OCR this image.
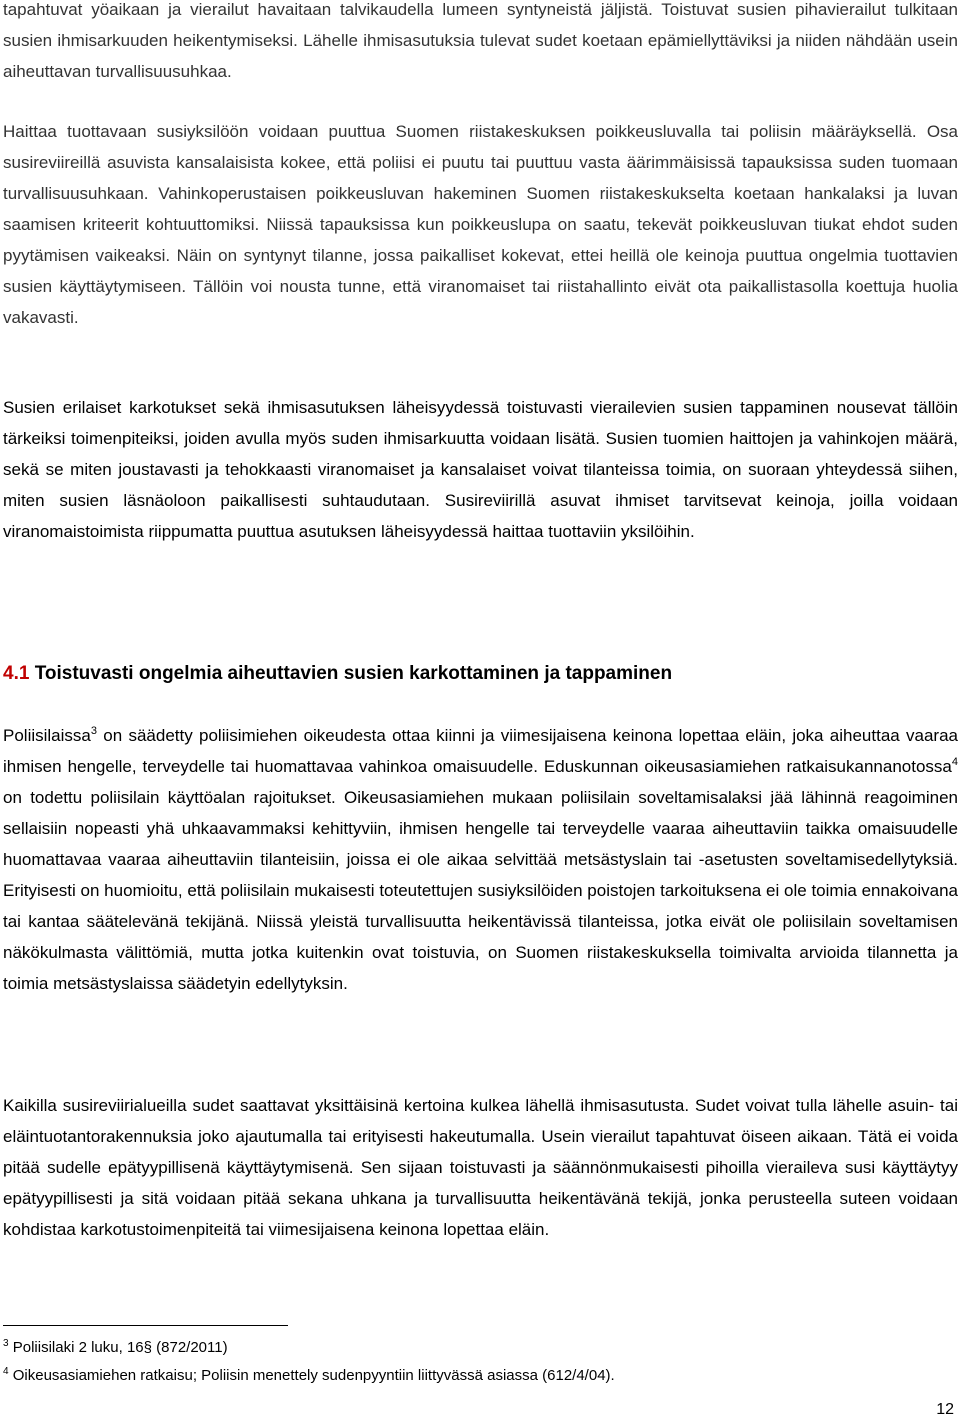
tapahtuvat yöaikaan ja vierailut havaitaan talvikaudella lumeen syntyneistä jäljistä. Toistuvat susien pihavierailut tulkitaan susien ihmisarkuuden heikentymiseksi. Lähelle ihmisasutuksia tulevat sudet koetaan epämiellyttäviksi ja niiden nähdään usein aiheuttavan turvallisuusuhkaa.

Haittaa tuottavaan susiyksilöön voidaan puuttua Suomen riistakeskuksen poikkeusluvalla tai poliisin määräyksellä. Osa susireviireillä asuvista kansalaisista kokee, että poliisi ei puutu tai puuttuu vasta äärimmäisissä tapauksissa suden tuomaan turvallisuusuhkaan. Vahinkoperustaisen poikkeusluvan hakeminen Suomen riistakeskukselta koetaan hankalaksi ja luvan saamisen kriteerit kohtuuttomiksi. Niissä tapauksissa kun poikkeuslupa on saatu, tekevät poikkeusluvan tiukat ehdot suden pyytämisen vaikeaksi. Näin on syntynyt tilanne, jossa paikalliset kokevat, ettei heillä ole keinoja puuttua ongelmia tuottavien susien käyttäytymiseen. Tällöin voi nousta tunne, että viranomaiset tai riistahallinto eivät ota paikallistasolla koettuja huolia vakavasti.

Susien erilaiset karkotukset sekä ihmisasutuksen läheisyydessä toistuvasti vierailevien susien tappaminen nousevat tällöin tärkeiksi toimenpiteiksi, joiden avulla myös suden ihmisarkuutta voidaan lisätä. Susien tuomien haittojen ja vahinkojen määrä, sekä se miten joustavasti ja tehokkaasti viranomaiset ja kansalaiset voivat tilanteissa toimia, on suoraan yhteydessä siihen, miten susien läsnäoloon paikallisesti suhtaudutaan. Susireviirillä asuvat ihmiset tarvitsevat keinoja, joilla voidaan viranomaistoimista riippumatta puuttua asutuksen läheisyydessä haittaa tuottaviin yksilöihin.

4.1 Toistuvasti ongelmia aiheuttavien susien karkottaminen ja tappaminen

Poliisilaissa$^3$ on säädetty poliisimiehen oikeudesta ottaa kiinni ja viimesijaisena keinona lopettaa eläin, joka aiheuttaa vaaraa ihmisen hengelle, terveydelle tai huomattavaa vahinkoa omaisuudelle. Eduskunnan oikeusasiamiehen ratkaisukannanotossa$^4$ on todettu poliisilain käyttöalan rajoitukset. Oikeusasiamiehen mukaan poliisilain soveltamisalaksi jää lähinnä reagoiminen sellaisiin nopeasti yhä uhkaavammaksi kehittyviin, ihmisen hengelle tai terveydelle vaaraa aiheuttaviin taikka omaisuudelle huomattavaa vaaraa aiheuttaviin tilanteisiin, joissa ei ole aikaa selvittää metsästyslain tai -asetusten soveltamisedellytyksiä. Erityisesti on huomioitu, että poliisilain mukaisesti toteutettujen susiyksilöiden poistojen tarkoituksena ei ole toimia ennakoivana tai kantaa säätelevänä tekijänä. Niissä yleistä turvallisuutta heikentävissä tilanteissa, jotka eivät ole poliisilain soveltamisen näkökulmasta välittömiä, mutta jotka kuitenkin ovat toistuvia, on Suomen riistakeskuksella toimivalta arvioida tilannetta ja toimia metsästyslaissa säädetyin edellytyksin.

Kaikilla susireviirialueilla sudet saattavat yksittäisinä kertoina kulkea lähellä ihmisasutusta. Sudet voivat tulla lähelle asuin- tai eläintuotantorakennuksia joko ajautumalla tai erityisesti hakeutumalla. Usein vierailut tapahtuvat öiseen aikaan. Tätä ei voida pitää sudelle epätyypillisenä käyttäytymisenä. Sen sijaan toistuvasti ja säännönmukaisesti pihoilla vieraileva susi käyttäytyy epätyypillisesti ja sitä voidaan pitää sekana uhkana ja turvallisuutta heikentävänä tekijä, jonka perusteella suteen voidaan kohdistaa karkotustoimenpiteitä tai viimesijaisena keinona lopettaa eläin.

$^3$ Poliisilaki 2 luku, 16§ (872/2011)

$^4$ Oikeusasiamiehen ratkaisu; Poliisin menettely sudenpyyntiin liittyvässä asiassa (612/4/04).

12
